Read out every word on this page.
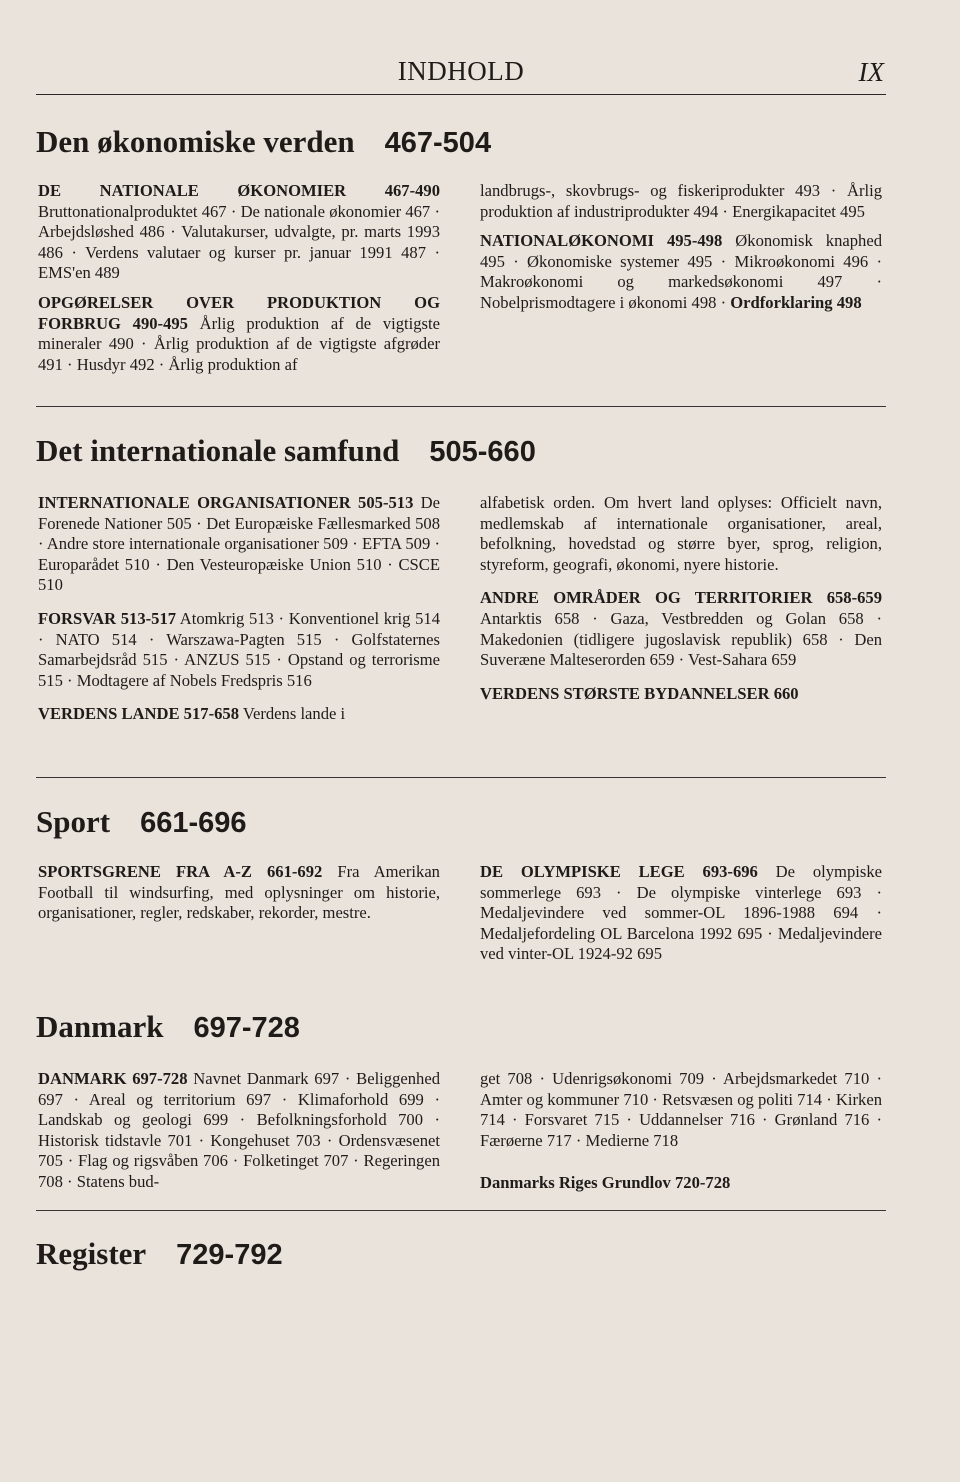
INDHOLD	IX
Den økonomiske verden 467-504

DE NATIONALE ØKONOMIER 467-490 Bruttonationalproduktet 467 · De nationale økonomier 467 · Arbejdsløshed 486 · Valutakurser, udvalgte, pr. marts 1993 486 · Verdens valutaer og kurser pr. januar 1991 487 · EMS'en 489

OPGØRELSER OVER PRODUKTION OG FORBRUG 490-495 Årlig produktion af de vigtigste mineraler 490 · Årlig produktion af de vigtigste afgrøder 491 · Husdyr 492 · Årlig produktion af

landbrugs-, skovbrugs- og fiskeriprodukter 493 · Årlig produktion af industriprodukter 494 · Energikapacitet 495

NATIONALØKONOMI 495-498 Økonomisk knaphed 495 · Økonomiske systemer 495 · Mikroøkonomi 496 · Makroøkonomi og markedsøkonomi 497 · Nobelprismodtagere i økonomi 498 · Ordforklaring 498

Det internationale samfund 505-660

INTERNATIONALE ORGANISATIONER 505-513 De Forenede Nationer 505 · Det Europæiske Fællesmarked 508 · Andre store internationale organisationer 509 · EFTA 509 · Europarådet 510 · Den Vesteuropæiske Union 510 · CSCE 510

FORSVAR 513-517 Atomkrig 513 · Konventionel krig 514 · NATO 514 · Warszawa-Pagten 515 · Golfstaternes Samarbejdsråd 515 · ANZUS 515 · Opstand og terrorisme 515 · Modtagere af Nobels Fredspris 516

VERDENS LANDE 517-658 Verdens lande i

alfabetisk orden. Om hvert land oplyses: Officielt navn, medlemskab af internationale organisationer, areal, befolkning, hovedstad og større byer, sprog, religion, styreform, geografi, økonomi, nyere historie.

ANDRE OMRÅDER OG TERRITORIER 658-659 Antarktis 658 · Gaza, Vestbredden og Golan 658 · Makedonien (tidligere jugoslavisk republik) 658 · Den Suveræne Malteserorden 659 · Vest-Sahara 659

VERDENS STØRSTE BYDANNELSER 660

Sport 661-696

SPORTSGRENE FRA A-Z 661-692 Fra Amerikan Football til windsurfing, med oplysninger om historie, organisationer, regler, redskaber, rekorder, mestre.

DE OLYMPISKE LEGE 693-696 De olympiske sommerlege 693 · De olympiske vinterlege 693 · Medaljevindere ved sommer-OL 1896-1988 694 · Medaljefordeling OL Barcelona 1992 695 · Medaljevindere ved vinter-OL 1924-92 695

Danmark 697-728

DANMARK 697-728 Navnet Danmark 697 · Beliggenhed 697 · Areal og territorium 697 · Klimaforhold 699 · Landskab og geologi 699 · Befolkningsforhold 700 · Historisk tidstavle 701 · Kongehuset 703 · Ordensvæsenet 705 · Flag og rigsvåben 706 · Folketinget 707 · Regeringen 708 · Statens bud-

get 708 · Udenrigsøkonomi 709 · Arbejdsmarkedet 710 · Amter og kommuner 710 · Retsvæsen og politi 714 · Kirken 714 · Forsvaret 715 · Uddannelser 716 · Grønland 716 · Færøerne 717 · Medierne 718

Danmarks Riges Grundlov 720-728

Register 729-792
